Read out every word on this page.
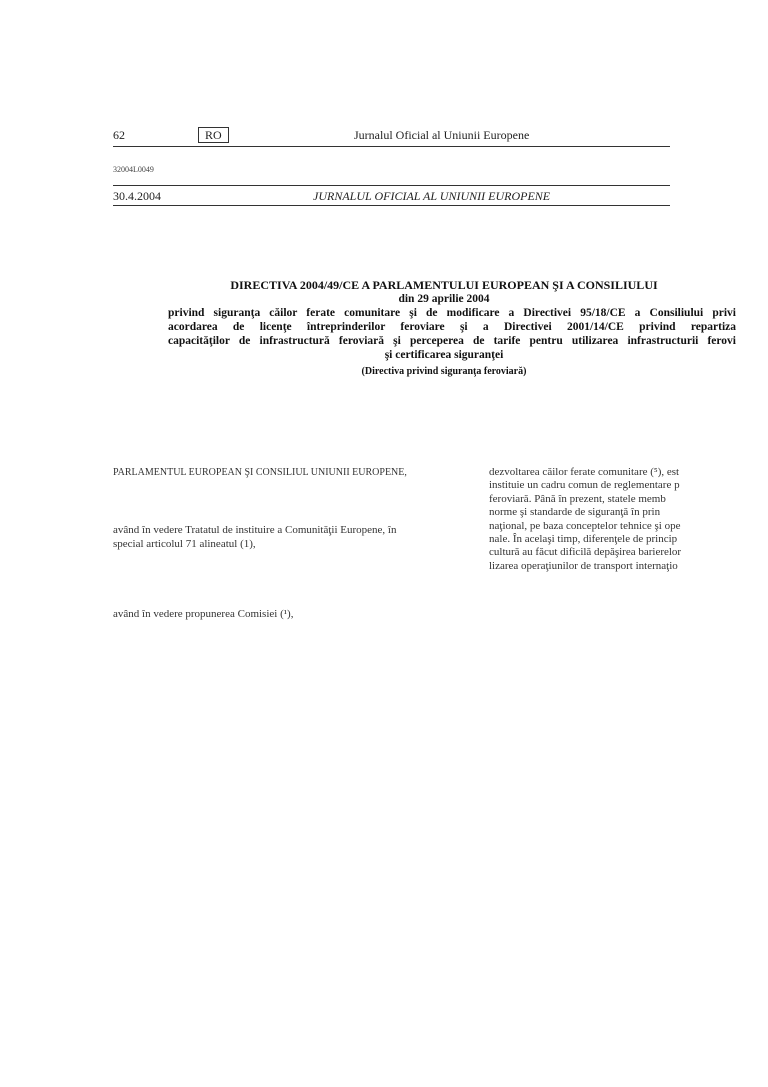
62	RO	Jurnalul Oficial al Uniunii Europene
32004L0049
30.4.2004	JURNALUL OFICIAL AL UNIUNII EUROPENE
DIRECTIVA 2004/49/CE A PARLAMENTULUI EUROPEAN ŞI A CONSILIULUI
din 29 aprilie 2004
privind siguranţa căilor ferate comunitare şi de modificare a Directivei 95/18/CE a Consiliului privi
acordarea de licenţe întreprinderilor feroviare şi a Directivei 2001/14/CE privind repartiza
capacităţilor de infrastructură feroviară şi perceperea de tarife pentru utilizarea infrastructurii ferovi
şi certificarea siguranţei
(Directiva privind siguranţa feroviară)
PARLAMENTUL EUROPEAN ŞI CONSILIUL UNIUNII EUROPENE,
având în vedere Tratatul de instituire a Comunităţii Europene, în
special articolul 71 alineatul (1),
având în vedere propunerea Comisiei (¹),
dezvoltarea căilor ferate comunitare (⁵), est
instituie un cadru comun de reglementare p
feroviară. Până în prezent, statele memb
norme şi standarde de siguranţă în prin
naţional, pe baza conceptelor tehnice şi ope
nale. În acelaşi timp, diferenţele de princip
cultură au făcut dificilă depăşirea barierelor
lizarea operaţiunilor de transport internaţio
